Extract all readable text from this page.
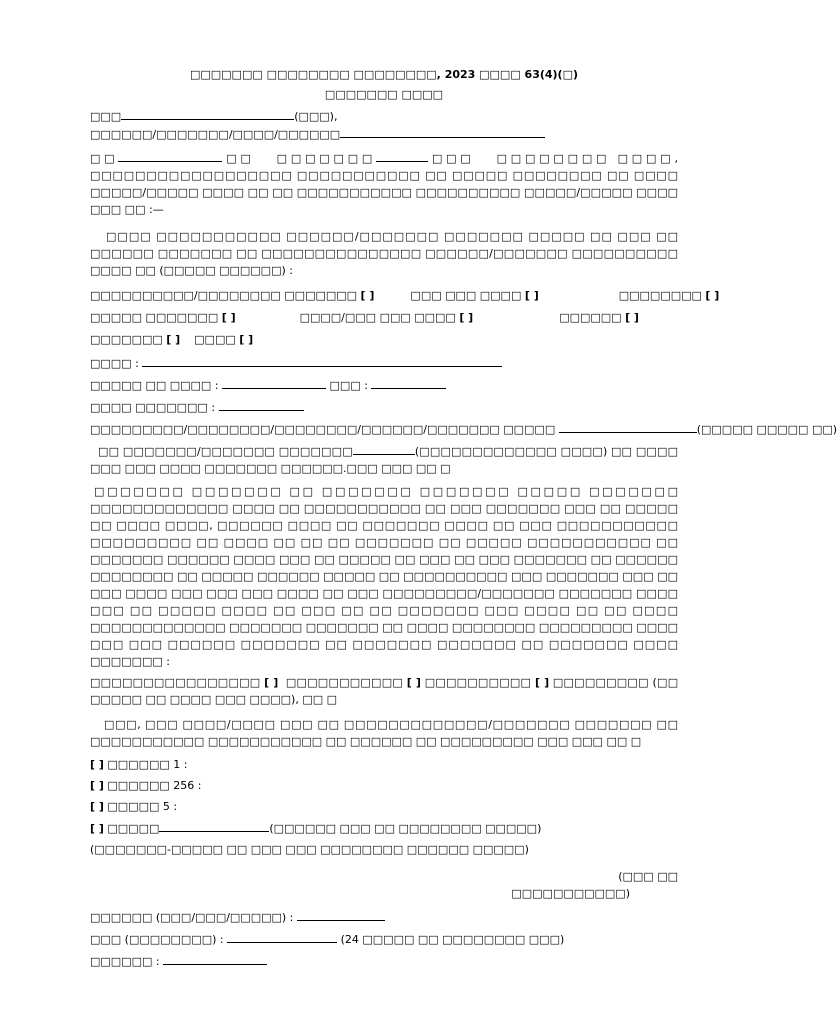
□□□□□□□ □□□□□□□□ □□□□□□□□, 2023 □□□□ 63(4)(□)

□□□□□□□ □□□□

□□□	(□□□),

□□□□□□/□□□□□□□/□□□□/□□□□□□

□□	□□ □□□□□□□	□□□ □□□□□□□□ □□□□, □□□□□□□□□□□□□□□□□□ □□□□□□□□□□□ □□ □□□□□ □□□□□□□□ □□ □□□□ □□□□□/□□□□□ □□□□ □□ □□ □□□□□□□□□□□ □□□□□□□□□□ □□□□□/□□□□□ □□□□ □□□ □□ :—

□□□□ □□□□□□□□□□□ □□□□□□/□□□□□□□ □□□□□□□ □□□□□ □□ □□□ □□ □□□□□□ □□□□□□□ □□ □□□□□□□□□□□□□□□ □□□□□□/□□□□□□□ □□□□□□□□□□ □□□□ □□ (□□□□□ □□□□□□) :

□□□□□□□□□□/□□□□□□□□ □□□□□□□ [ ]	□□□ □□□ □□□□ [ ]	□□□□□□□□ [ ]

□□□□□ □□□□□□□ [ ]	□□□□/□□□ □□□ □□□□ [ ]	□□□□□□ [ ]

□□□□□□□ [ ] □□□□ [ ]

□□□□ :

□□□□□ □□ □□□□ :	□□□ :

□□□□ □□□□□□□ :

□□□□□□□□□/□□□□□□□□/□□□□□□□□/□□□□□□/□□□□□□□ □□□□□	(□□□□□ □□□□□ □□)

□□ □□□□□□□/□□□□□□□ □□□□□□□	(□□□□□□□□□□□□□ □□□□) □□ □□□□ □□□ □□□ □□□□ □□□□□□□ □□□□□□.□□□ □□□ □□ □

□□□□□□□ □□□□□□□ □□ □□□□□□□ □□□□□□□ □□□□□ □□□□□□□ □□□□□□□□□□□□□ □□□□ □□ □□□□□□□□□□□ □□ □□□ □□□□□□□ □□□ □□ □□□□□ □□ □□□□ □□□□, □□□□□□ □□□□ □□ □□□□□□□ □□□□ □□ □□□ □□□□□□□□□□□ □□□□□□□□□ □□ □□□□ □□ □□ □□ □□□□□□□ □□ □□□□□ □□□□□□□□□□□ □□ □□□□□□□ □□□□□□ □□□□ □□□ □□ □□□□□ □□ □□□ □□ □□□ □□□□□□□ □□ □□□□□□ □□□□□□□□ □□ □□□□□ □□□□□□ □□□□□ □□ □□□□□□□□□□ □□□ □□□□□□□ □□□ □□ □□□ □□□□ □□□ □□□ □□□ □□□□ □□ □□□ □□□□□□□□□/□□□□□□□ □□□□□□□ □□□□ □□□ □□ □□□□□ □□□□ □□ □□□ □□ □□ □□□□□□□ □□□ □□□□ □□ □□ □□□□ □□□□□□□□□□□□□ □□□□□□□ □□□□□□□ □□ □□□□ □□□□□□□□ □□□□□□□□□ □□□□ □□□ □□□ □□□□□□ □□□□□□□ □□ □□□□□□□ □□□□□□□ □□ □□□□□□□ □□□□ □□□□□□□ :

□□□□□□□□□□□□□□□□ [ ] □□□□□□□□□□□ [ ] □□□□□□□□□□ [ ] □□□□□□□□□ (□□ □□□□□ □□ □□□□ □□□ □□□□), □□ □

□□□, □□□ □□□□/□□□□ □□□ □□ □□□□□□□□□□□□□/□□□□□□□ □□□□□□□ □□ □□□□□□□□□□□ □□□□□□□□□□□ □□ □□□□□□ □□ □□□□□□□□□ □□□ □□□ □□ □

[ ] □□□□□□ 1 :

[ ] □□□□□□ 256 :

[ ] □□□□□ 5 :

[ ] □□□□□	(□□□□□□ □□□ □□ □□□□□□□□ □□□□□)

(□□□□□□□-□□□□□ □□ □□□ □□□ □□□□□□□□ □□□□□□ □□□□□)

(□□□ □□

□□□□□□□□□□□)

□□□□□□ (□□□/□□□/□□□□□) :

□□□ (□□□□□□□□) :	(24 □□□□□ □□ □□□□□□□□ □□□)

□□□□□□ :
